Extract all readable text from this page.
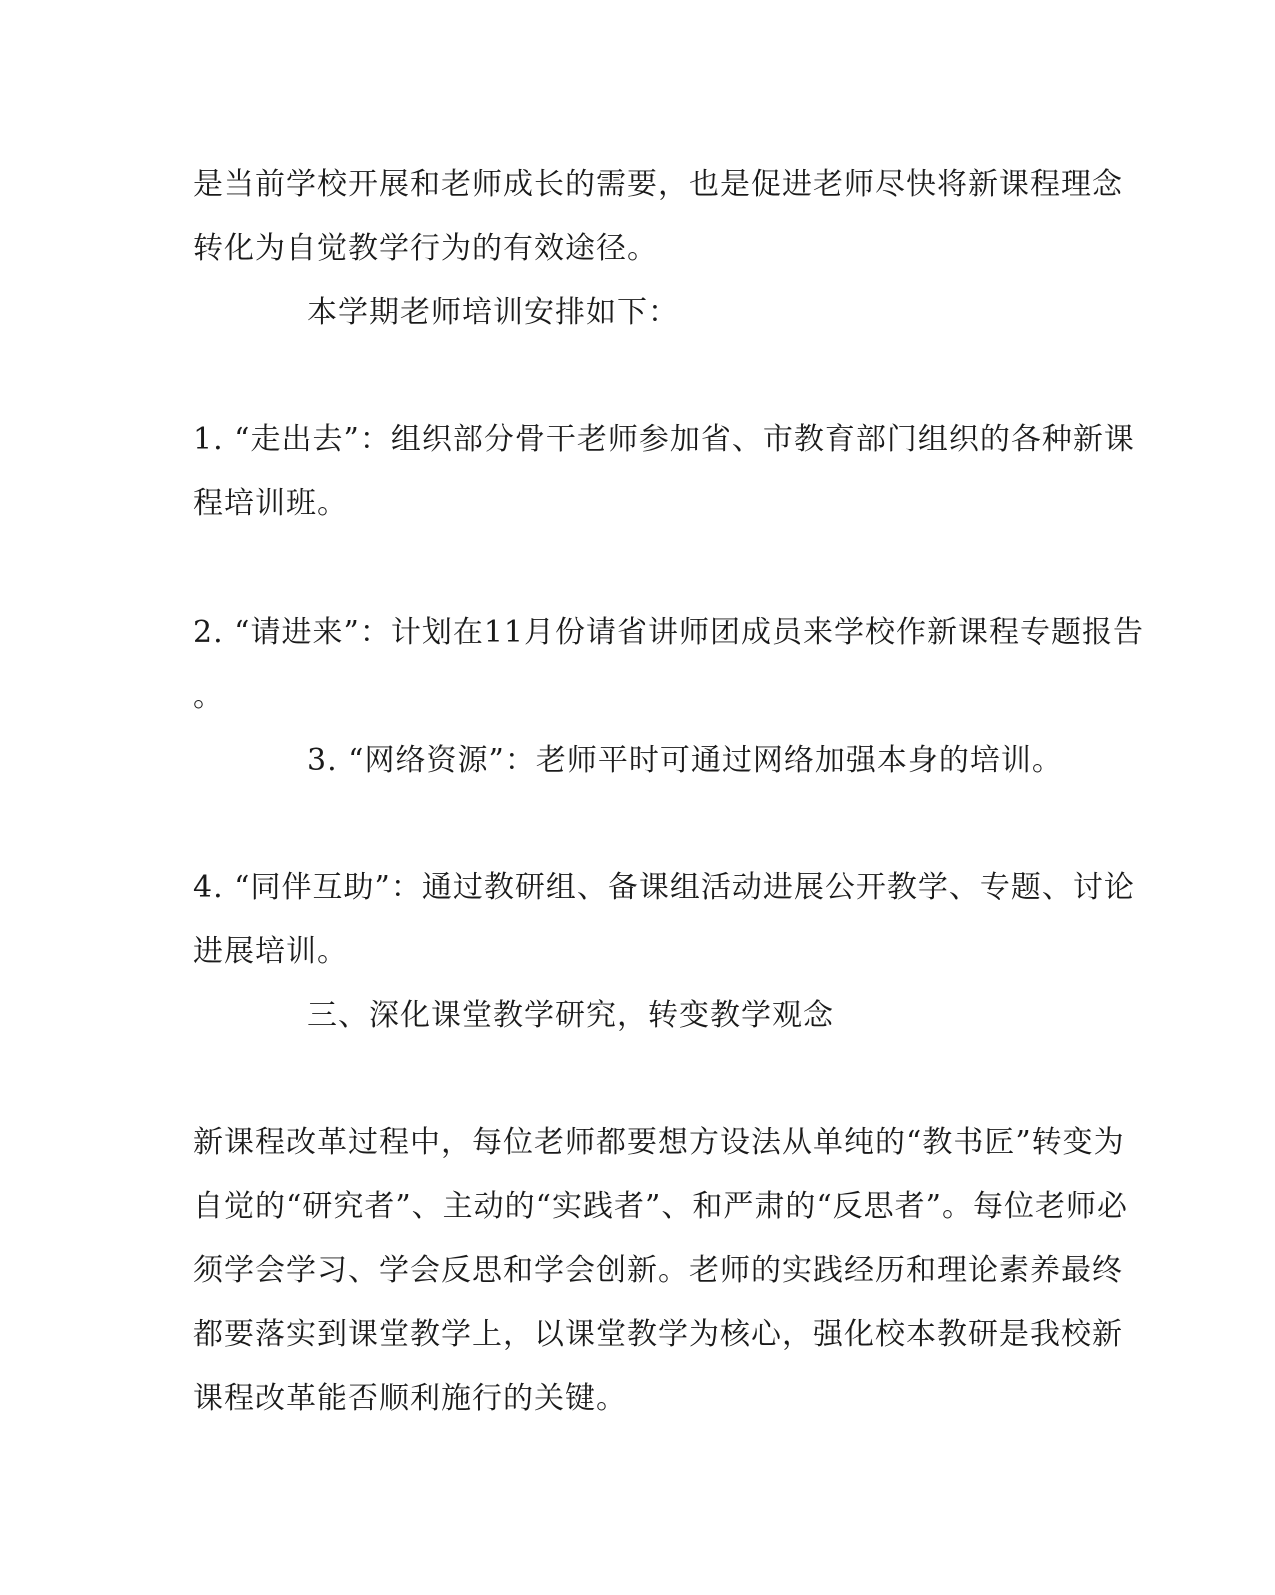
是当前学校开展和老师成长的需要，也是促进老师尽快将新课程理念
转化为自觉教学行为的有效途径。
本学期老师培训安排如下：
1. “走出去”：组织部分骨干老师参加省、市教育部门组织的各种新课
程培训班。
2. “请进来”：计划在11月份请省讲师团成员来学校作新课程专题报告
。
3. “网络资源”：老师平时可通过网络加强本身的培训。
4. “同伴互助”：通过教研组、备课组活动进展公开教学、专题、讨论
进展培训。
三、深化课堂教学研究，转变教学观念
新课程改革过程中，每位老师都要想方设法从单纯的“教书匠”转变为
自觉的“研究者”、主动的“实践者”、和严肃的“反思者”。每位老师必
须学会学习、学会反思和学会创新。老师的实践经历和理论素养最终
都要落实到课堂教学上，以课堂教学为核心，强化校本教研是我校新
课程改革能否顺利施行的关键。
